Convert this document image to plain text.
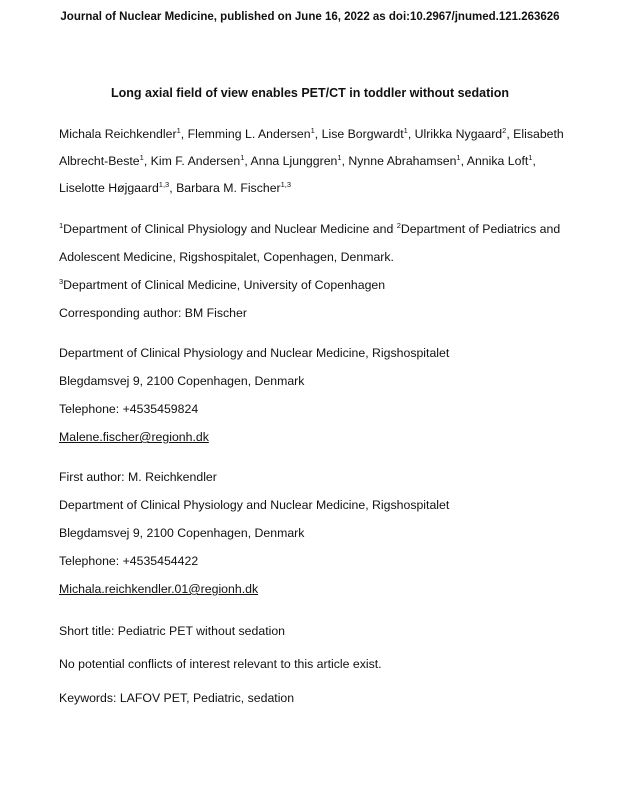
Journal of Nuclear Medicine, published on June 16, 2022 as doi:10.2967/jnumed.121.263626
Long axial field of view enables PET/CT in toddler without sedation
Michala Reichkendler$^1$, Flemming L. Andersen$^1$, Lise Borgwardt$^1$, Ulrikka Nygaard$^2$, Elisabeth
Albrecht-Beste$^1$, Kim F. Andersen$^1$, Anna Ljunggren$^1$, Nynne Abrahamsen$^1$, Annika Loft$^1$,
Liselotte Højgaard$^{1,3}$, Barbara M. Fischer$^{1,3}$
$^1$Department of Clinical Physiology and Nuclear Medicine and $^2$Department of Pediatrics and
Adolescent Medicine, Rigshospitalet, Copenhagen, Denmark.
$^3$Department of Clinical Medicine, University of Copenhagen
Corresponding author: BM Fischer
Department of Clinical Physiology and Nuclear Medicine, Rigshospitalet
Blegdamsvej 9, 2100 Copenhagen, Denmark
Telephone: +4535459824
Malene.fischer@regionh.dk
First author: M. Reichkendler
Department of Clinical Physiology and Nuclear Medicine, Rigshospitalet
Blegdamsvej 9, 2100 Copenhagen, Denmark
Telephone: +4535454422
Michala.reichkendler.01@regionh.dk
Short title: Pediatric PET without sedation
No potential conflicts of interest relevant to this article exist.
Keywords: LAFOV PET, Pediatric, sedation
